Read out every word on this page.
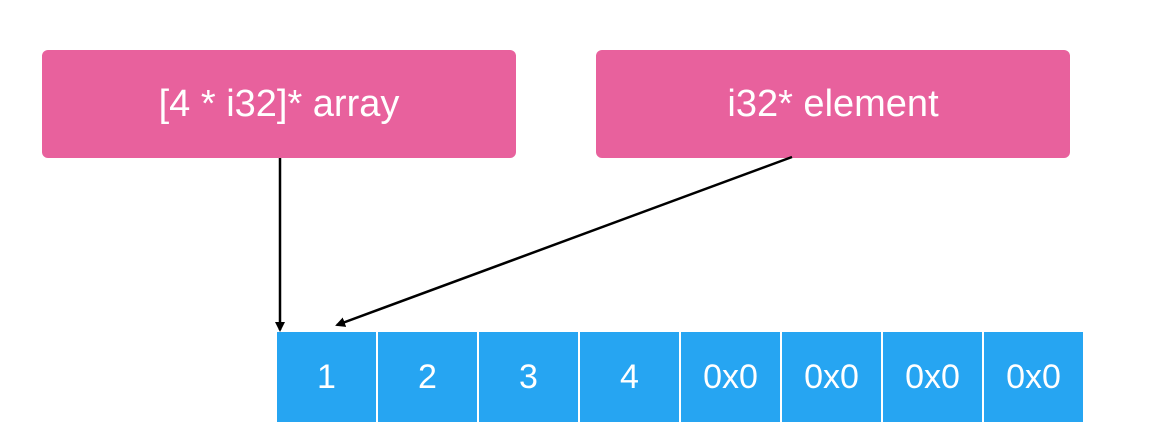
[4 * i32]* array	i32* element
1	2	3	4	0x0	0x0	0x0	0x0
